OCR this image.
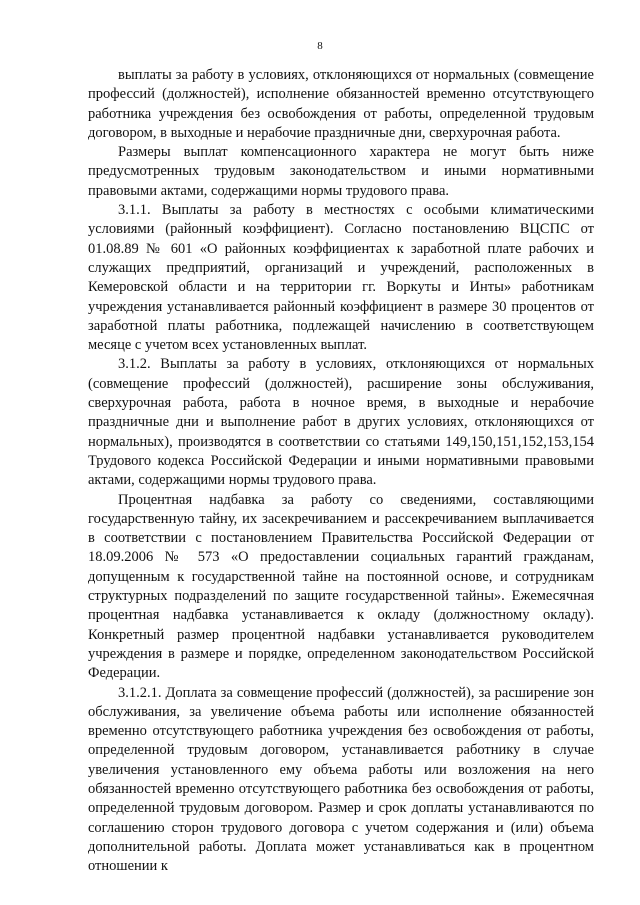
8

выплаты за работу в условиях, отклоняющихся от нормальных (совмещение профессий (должностей), исполнение обязанностей временно отсутствующего работника учреждения без освобождения от работы, определенной трудовым договором, в выходные и нерабочие праздничные дни, сверхурочная работа.

Размеры выплат компенсационного характера не могут быть ниже предусмотренных трудовым законодательством и иными нормативными правовыми актами, содержащими нормы трудового права.

3.1.1. Выплаты за работу в местностях с особыми климатическими условиями (районный коэффициент). Согласно постановлению ВЦСПС от 01.08.89 № 601 «О районных коэффициентах к заработной плате рабочих и служащих предприятий, организаций и учреждений, расположенных в Кемеровской области и на территории гг. Воркуты и Инты» работникам учреждения устанавливается районный коэффициент в размере 30 процентов от заработной платы работника, подлежащей начислению в соответствующем месяце с учетом всех установленных выплат.

3.1.2. Выплаты за работу в условиях, отклоняющихся от нормальных (совмещение профессий (должностей), расширение зоны обслуживания, сверхурочная работа, работа в ночное время, в выходные и нерабочие праздничные дни и выполнение работ в других условиях, отклоняющихся от нормальных), производятся в соответствии со статьями 149,150,151,152,153,154 Трудового кодекса Российской Федерации и иными нормативными правовыми актами, содержащими нормы трудового права.

Процентная надбавка за работу со сведениями, составляющими государственную тайну, их засекречиванием и рассекречиванием выплачивается в соответствии с постановлением Правительства Российской Федерации от 18.09.2006 № 573 «О предоставлении социальных гарантий гражданам, допущенным к государственной тайне на постоянной основе, и сотрудникам структурных подразделений по защите государственной тайны». Ежемесячная процентная надбавка устанавливается к окладу (должностному окладу). Конкретный размер процентной надбавки устанавливается руководителем учреждения в размере и порядке, определенном законодательством Российской Федерации.

3.1.2.1. Доплата за совмещение профессий (должностей), за расширение зон обслуживания, за увеличение объема работы или исполнение обязанностей временно отсутствующего работника учреждения без освобождения от работы, определенной трудовым договором, устанавливается работнику в случае увеличения установленного ему объема работы или возложения на него обязанностей временно отсутствующего работника без освобождения от работы, определенной трудовым договором. Размер и срок доплаты устанавливаются по соглашению сторон трудового договора с учетом содержания и (или) объема дополнительной работы. Доплата может устанавливаться как в процентном отношении к
